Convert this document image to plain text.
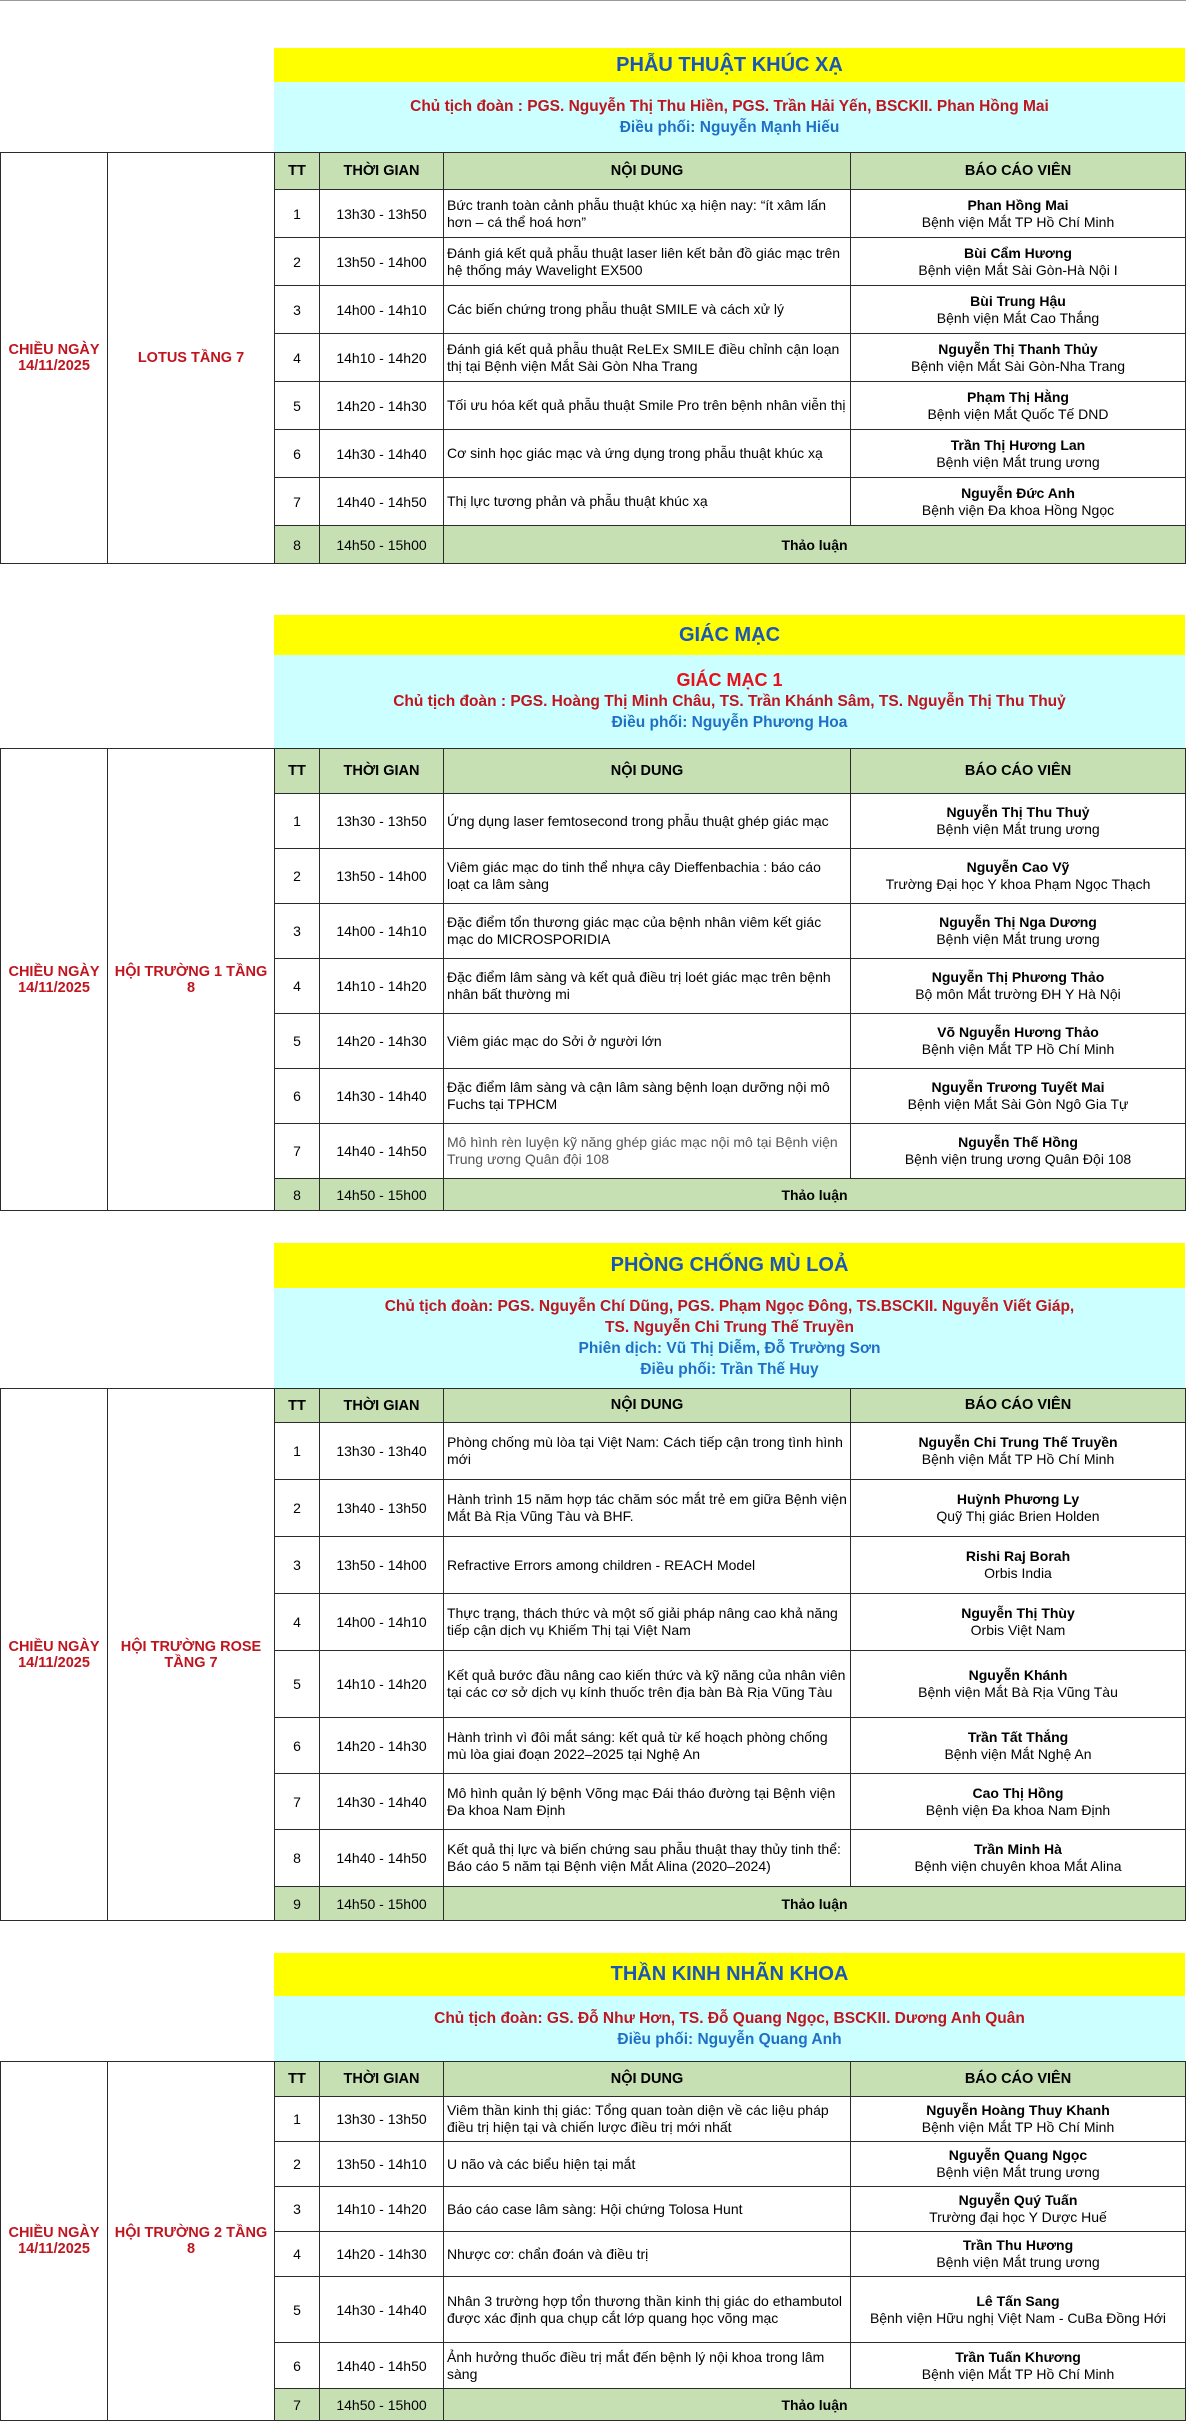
PHẪU THUẬT KHÚC XẠ
Chủ tịch đoàn : PGS. Nguyễn Thị Thu Hiền, PGS. Trần Hải Yến, BSCKII. Phan Hồng Mai
Điều phối: Nguyễn Mạnh Hiếu
CHIỀU NGÀY 14/11/2025	LOTUS TẦNG 7	TT	THỜI GIAN	NỘI DUNG	BÁO CÁO VIÊN
		1	13h30 - 13h50	Bức tranh toàn cảnh phẫu thuật khúc xạ hiện nay: “ít xâm lấn hơn – cá thể hoá hơn”	Phan Hồng Mai
Bệnh viện Mắt TP Hồ Chí Minh

		2	13h50 - 14h00	Đánh giá kết quả phẫu thuật laser liên kết bản đồ giác mạc trên hệ thống máy Wavelight EX500	Bùi Cẩm Hương
Bệnh viện Mắt Sài Gòn-Hà Nội I

		3	14h00 - 14h10	Các biến chứng trong phẫu thuật SMILE và cách xử lý	Bùi Trung Hậu
Bệnh viện Mắt Cao Thắng

		4	14h10 - 14h20	Đánh giá kết quả phẫu thuật ReLEx SMILE điều chỉnh cận loạn thị tại Bệnh viện Mắt Sài Gòn Nha Trang	Nguyễn Thị Thanh Thủy
Bệnh viện Mắt Sài Gòn-Nha Trang

		5	14h20 - 14h30	Tối ưu hóa kết quả phẫu thuật Smile Pro trên bệnh nhân viễn thị	Phạm Thị Hằng
Bệnh viện Mắt Quốc Tế DND

		6	14h30 - 14h40	Cơ sinh học giác mạc và ứng dụng trong phẫu thuật khúc xạ	Trần Thị Hương Lan
Bệnh viện Mắt trung ương

		7	14h40 - 14h50	Thị lực tương phản và phẫu thuật khúc xạ	Nguyễn Đức Anh
Bệnh viện Đa khoa Hồng Ngọc

		8	14h50 - 15h00	Thảo luận	
GIÁC MẠC
GIÁC MẠC 1
Chủ tịch đoàn : PGS. Hoàng Thị Minh Châu, TS. Trần Khánh Sâm, TS. Nguyễn Thị Thu Thuỷ
Điều phối: Nguyễn Phương Hoa
CHIỀU NGÀY 14/11/2025	HỘI TRƯỜNG 1 TẦNG 8	TT	THỜI GIAN	NỘI DUNG	BÁO CÁO VIÊN
		1	13h30 - 13h50	Ứng dụng laser femtosecond trong phẫu thuật ghép giác mạc	Nguyễn Thị Thu Thuỷ
Bệnh viện Mắt trung ương

		2	13h50 - 14h00	Viêm giác mạc do tinh thể nhựa cây Dieffenbachia : báo cáo loạt ca lâm sàng	Nguyễn Cao Vỹ
Trường Đại học Y khoa Phạm Ngọc Thạch

		3	14h00 - 14h10	Đặc điểm tổn thương giác mạc của bệnh nhân viêm kết giác mạc do MICROSPORIDIA	Nguyễn Thị Nga Dương
Bệnh viện Mắt trung ương

		4	14h10 - 14h20	Đặc điểm lâm sàng và kết quả điều trị loét giác mạc trên bệnh nhân bất thường mi	Nguyễn Thị Phương Thảo
Bộ môn Mắt trường ĐH Y Hà Nội

		5	14h20 - 14h30	Viêm giác mạc do Sởi ở người lớn	Võ Nguyễn Hương Thảo
Bệnh viện Mắt TP Hồ Chí Minh

		6	14h30 - 14h40	Đặc điểm lâm sàng và cận lâm sàng bệnh loạn dưỡng nội mô Fuchs tại TPHCM	Nguyễn Trương Tuyết Mai
Bệnh viện Mắt Sài Gòn Ngô Gia Tự

		7	14h40 - 14h50	Mô hình rèn luyện kỹ năng ghép giác mạc nội mô tại Bệnh viện Trung ương Quân đội 108	Nguyễn Thế Hồng
Bệnh viện trung ương Quân Đội 108

		8	14h50 - 15h00	Thảo luận	
PHÒNG CHỐNG MÙ LOẢ
Chủ tịch đoàn: PGS. Nguyễn Chí Dũng, PGS. Phạm Ngọc Đông, TS.BSCKII. Nguyễn Viết Giáp,
TS. Nguyễn Chi Trung Thế Truyền
Phiên dịch: Vũ Thị Diễm, Đỗ Trường Sơn
Điều phối: Trần Thế Huy
CHIỀU NGÀY 14/11/2025	HỘI TRƯỜNG ROSE TẦNG 7	TT	THỜI GIAN	NỘI DUNG	BÁO CÁO VIÊN
		1	13h30 - 13h40	Phòng chống mù lòa tại Việt Nam: Cách tiếp cận trong tình hình mới	Nguyễn Chi Trung Thế Truyền
Bệnh viện Mắt TP Hồ Chí Minh

		2	13h40 - 13h50	Hành trình 15 năm hợp tác chăm sóc mắt trẻ em giữa Bệnh viện Mắt Bà Rịa Vũng Tàu và BHF.	Huỳnh Phương Ly
Quỹ Thị giác Brien Holden

		3	13h50 - 14h00	Refractive Errors among children - REACH Model	Rishi Raj Borah
Orbis India

		4	14h00 - 14h10	Thực trạng, thách thức và một số giải pháp nâng cao khả năng tiếp cận dịch vụ Khiếm Thị tại Việt Nam	Nguyễn Thị Thùy
Orbis Việt Nam

		5	14h10 - 14h20	Kết quả bước đầu nâng cao kiến thức và kỹ năng của nhân viên tại các cơ sở dịch vụ kính thuốc trên địa bàn Bà Rịa Vũng Tàu	Nguyễn Khánh
Bệnh viện Mắt Bà Rịa Vũng Tàu

		6	14h20 - 14h30	Hành trình vì đôi mắt sáng: kết quả từ kế hoạch phòng chống mù lòa giai đoạn 2022–2025 tại Nghệ An	Trần Tất Thắng
Bệnh viện Mắt Nghệ An

		7	14h30 - 14h40	Mô hình quản lý bệnh Võng mạc Đái tháo đường tại Bệnh viện Đa khoa Nam Định	Cao Thị Hồng
Bệnh viện Đa khoa Nam Định

		8	14h40 - 14h50	Kết quả thị lực và biến chứng sau phẫu thuật thay thủy tinh thể: Báo cáo 5 năm tại Bệnh viện Mắt Alina (2020–2024)	Trần Minh Hà
Bệnh viện chuyên khoa Mắt Alina

		9	14h50 - 15h00	Thảo luận	
THẦN KINH NHÃN KHOA
Chủ tịch đoàn: GS. Đỗ Như Hơn, TS. Đỗ Quang Ngọc, BSCKII. Dương Anh Quân
Điều phối: Nguyễn Quang Anh
CHIỀU NGÀY 14/11/2025	HỘI TRƯỜNG 2 TẦNG 8	TT	THỜI GIAN	NỘI DUNG	BÁO CÁO VIÊN
		1	13h30 - 13h50	Viêm thần kinh thị giác: Tổng quan toàn diện về các liệu pháp điều trị hiện tại và chiến lược điều trị mới nhất	Nguyễn Hoàng Thuy Khanh
Bệnh viện Mắt TP Hồ Chí Minh

		2	13h50 - 14h10	U não và các biểu hiện tại mắt	Nguyễn Quang Ngọc
Bệnh viện Mắt trung ương

		3	14h10 - 14h20	Báo cáo case lâm sàng: Hội chứng Tolosa Hunt	Nguyễn Quý Tuấn
Trường đại học Y Dược Huế

		4	14h20 - 14h30	Nhược cơ: chẩn đoán và điều trị	Trần Thu Hương
Bệnh viện Mắt trung ương

		5	14h30 - 14h40	Nhân 3 trường hợp tổn thương thần kinh thị giác do ethambutol được xác định qua chụp cắt lớp quang học võng mạc	Lê Tấn Sang
Bệnh viện Hữu nghị Việt Nam - CuBa Đồng Hới

		6	14h40 - 14h50	Ảnh hưởng thuốc điều trị mắt đến bệnh lý nội khoa trong lâm sàng	Trần Tuấn Khương
Bệnh viện Mắt TP Hồ Chí Minh

		7	14h50 - 15h00	Thảo luận	
